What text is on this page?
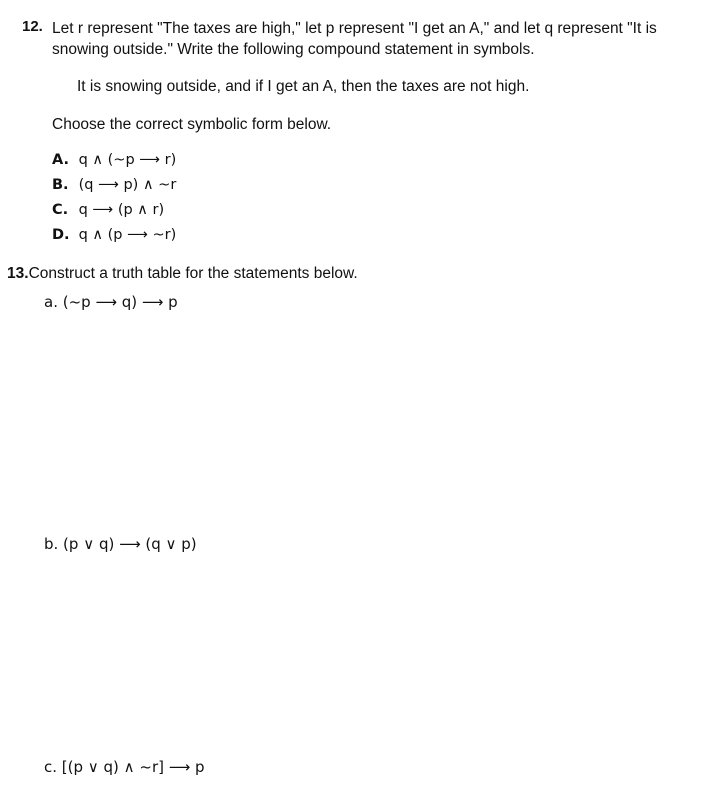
12. Let r represent "The taxes are high," let p represent "I get an A," and let q represent "It is snowing outside." Write the following compound statement in symbols.
It is snowing outside, and if I get an A, then the taxes are not high.
Choose the correct symbolic form below.
A. q ∧ (~p ⟶ r)
B. (q ⟶ p) ∧ ~r
C. q ⟶ (p ∧ r)
D. q ∧ (p ⟶ ~r)
13.Construct a truth table for the statements below.
a. (~p ⟶ q) ⟶ p
b. (p ∨ q) ⟶ (q ∨ p)
c. [(p ∨ q) ∧ ~r] ⟶ p
